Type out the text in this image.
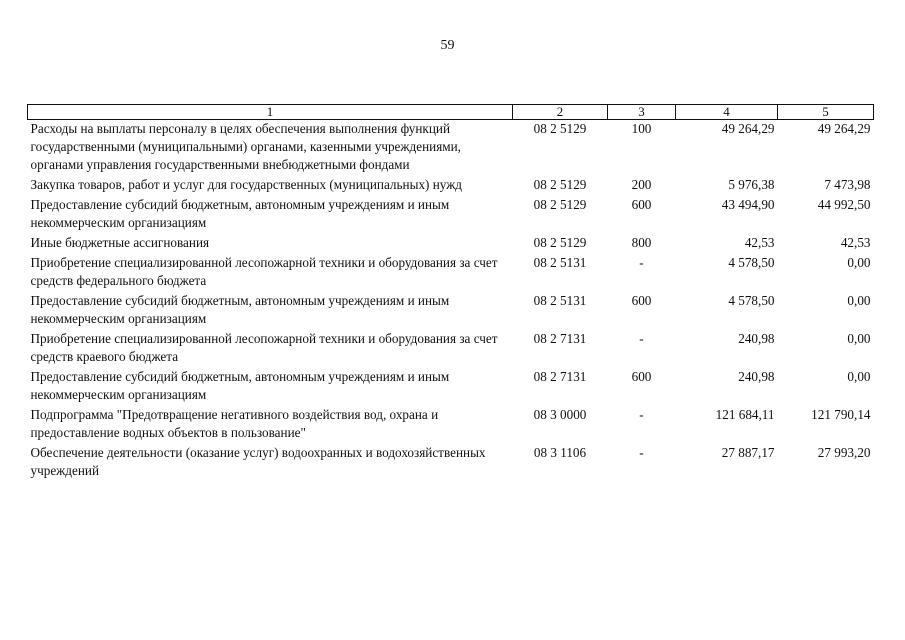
59
1	2	3	4	5
Расходы на выплаты персоналу в целях обеспечения выполнения функций государственными (муниципальными) органами, казенными учреждениями, органами управления государственными внебюджетными фондами	08 2 5129	100	49 264,29	49 264,29
Закупка товаров, работ и услуг для государственных (муниципальных) нужд	08 2 5129	200	5 976,38	7 473,98
Предоставление субсидий бюджетным, автономным учреждениям и иным некоммерческим организациям	08 2 5129	600	43 494,90	44 992,50
Иные бюджетные ассигнования	08 2 5129	800	42,53	42,53
Приобретение специализированной лесопожарной техники и оборудования за счет средств федерального бюджета	08 2 5131	-	4 578,50	0,00
Предоставление субсидий бюджетным, автономным учреждениям и иным некоммерческим организациям	08 2 5131	600	4 578,50	0,00
Приобретение специализированной лесопожарной техники и оборудования за счет средств краевого бюджета	08 2 7131	-	240,98	0,00
Предоставление субсидий бюджетным, автономным учреждениям и иным некоммерческим организациям	08 2 7131	600	240,98	0,00
Подпрограмма "Предотвращение негативного воздействия вод, охрана и предоставление водных объектов в пользование"	08 3 0000	-	121 684,11	121 790,14
Обеспечение деятельности (оказание услуг) водоохранных и водохозяйственных учреждений	08 3 1106	-	27 887,17	27 993,20
